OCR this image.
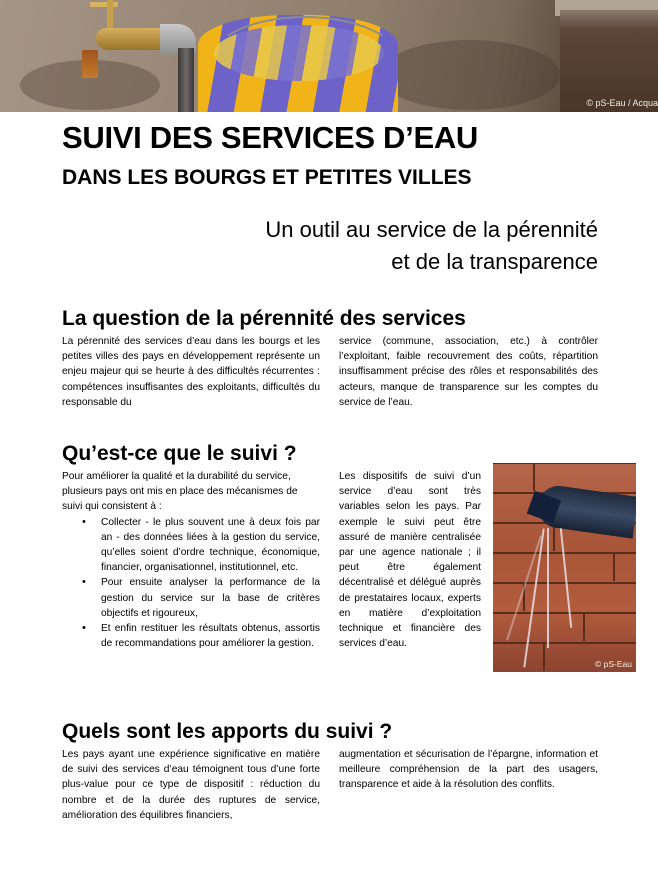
© pS-Eau / Acqua
SUIVI DES SERVICES D’EAU
DANS LES BOURGS ET PETITES VILLES
Un outil au service de la pérennité
et de la transparence
La question de la pérennité des services

La pérennité des services d’eau dans les bourgs et les petites villes des pays en développement représente un enjeu majeur qui se heurte à des difficultés récurrentes : compétences insuffisantes des exploitants, difficultés du responsable du

service (commune, association, etc.) à contrôler l’exploitant, faible recouvrement des coûts, répartition insuffisamment précise des rôles et responsabilités des acteurs, manque de transparence sur les comptes du service de l’eau.

Qu’est-ce que le suivi ?

Pour améliorer la qualité et la durabilité du service, plusieurs pays ont mis en place des mécanismes de suivi qui consistent à :

• Collecter - le plus souvent une à deux fois par an - des données liées à la gestion du service, qu’elles soient d’ordre technique, économique, financier, organisationnel, institutionnel, etc.
• Pour ensuite analyser la performance de la gestion du service sur la base de critères objectifs et rigoureux,
• Et enfin restituer les résultats obtenus, assortis de recommandations pour améliorer la gestion.

Les dispositifs de suivi d’un service d’eau sont très variables selon les pays. Par exemple le suivi peut être assuré de manière centralisée par une agence nationale ; il peut être également décentralisé et délégué auprès de prestataires locaux, experts en matière d’exploitation technique et financière des services d’eau.

© pS-Eau
Quels sont les apports du suivi ?

Les pays ayant une expérience significative en matière de suivi des services d’eau témoignent tous d’une forte plus-value pour ce type de dispositif : réduction du nombre et de la durée des ruptures de service, amélioration des équilibres financiers,

augmentation et sécurisation de l’épargne, information et meilleure compréhension de la part des usagers, transparence et aide à la résolution des conflits.
